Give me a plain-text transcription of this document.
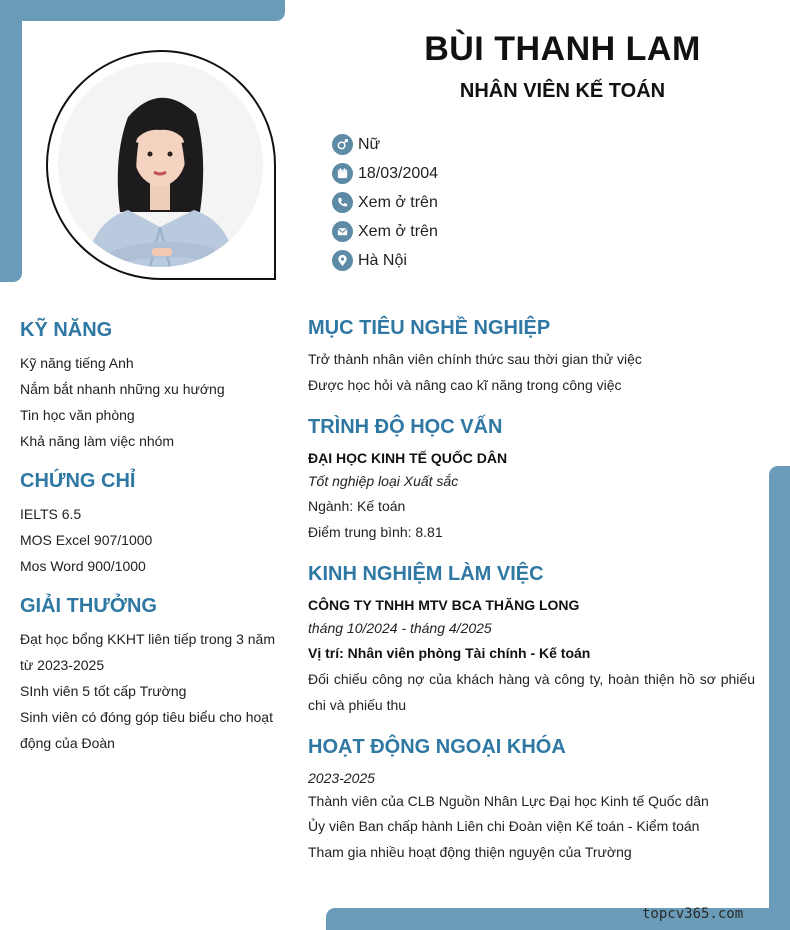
topcv365.com
BÙI THANH LAM
NHÂN VIÊN KẾ TOÁN
Nữ
18/03/2004
Xem ở trên
Xem ở trên
Hà Nội
KỸ NĂNG
Kỹ năng tiếng Anh
Nắm bắt nhanh những xu hướng
Tin học văn phòng
Khả năng làm việc nhóm
CHỨNG CHỈ
IELTS 6.5
MOS Excel 907/1000
Mos Word 900/1000
GIẢI THƯỞNG
Đạt học bổng KKHT liên tiếp trong 3 năm
từ 2023-2025
SInh viên 5 tốt cấp Trường
Sinh viên có đóng góp tiêu biểu cho hoạt
động của Đoàn
MỤC TIÊU NGHỀ NGHIỆP
Trở thành nhân viên chính thức sau thời gian thử việc
Được học hỏi và nâng cao kĩ năng trong công việc
TRÌNH ĐỘ HỌC VẤN
ĐẠI HỌC KINH TẾ QUỐC DÂN
Tốt nghiệp loại Xuất sắc
Ngành: Kế toán
Điểm trung bình: 8.81
KINH NGHIỆM LÀM VIỆC
CÔNG TY TNHH MTV BCA THĂNG LONG
tháng 10/2024 - tháng 4/2025
Vị trí: Nhân viên phòng Tài chính - Kế toán
Đối chiếu công nợ của khách hàng và công ty, hoàn thiện hồ sơ phiếu
chi và phiếu thu
HOẠT ĐỘNG NGOẠI KHÓA
2023-2025
Thành viên của CLB Nguồn Nhân Lực Đại học Kinh tế Quốc dân
Ủy viên Ban chấp hành Liên chi Đoàn viện Kế toán - Kiểm toán
Tham gia nhiều hoạt động thiện nguyện của Trường
